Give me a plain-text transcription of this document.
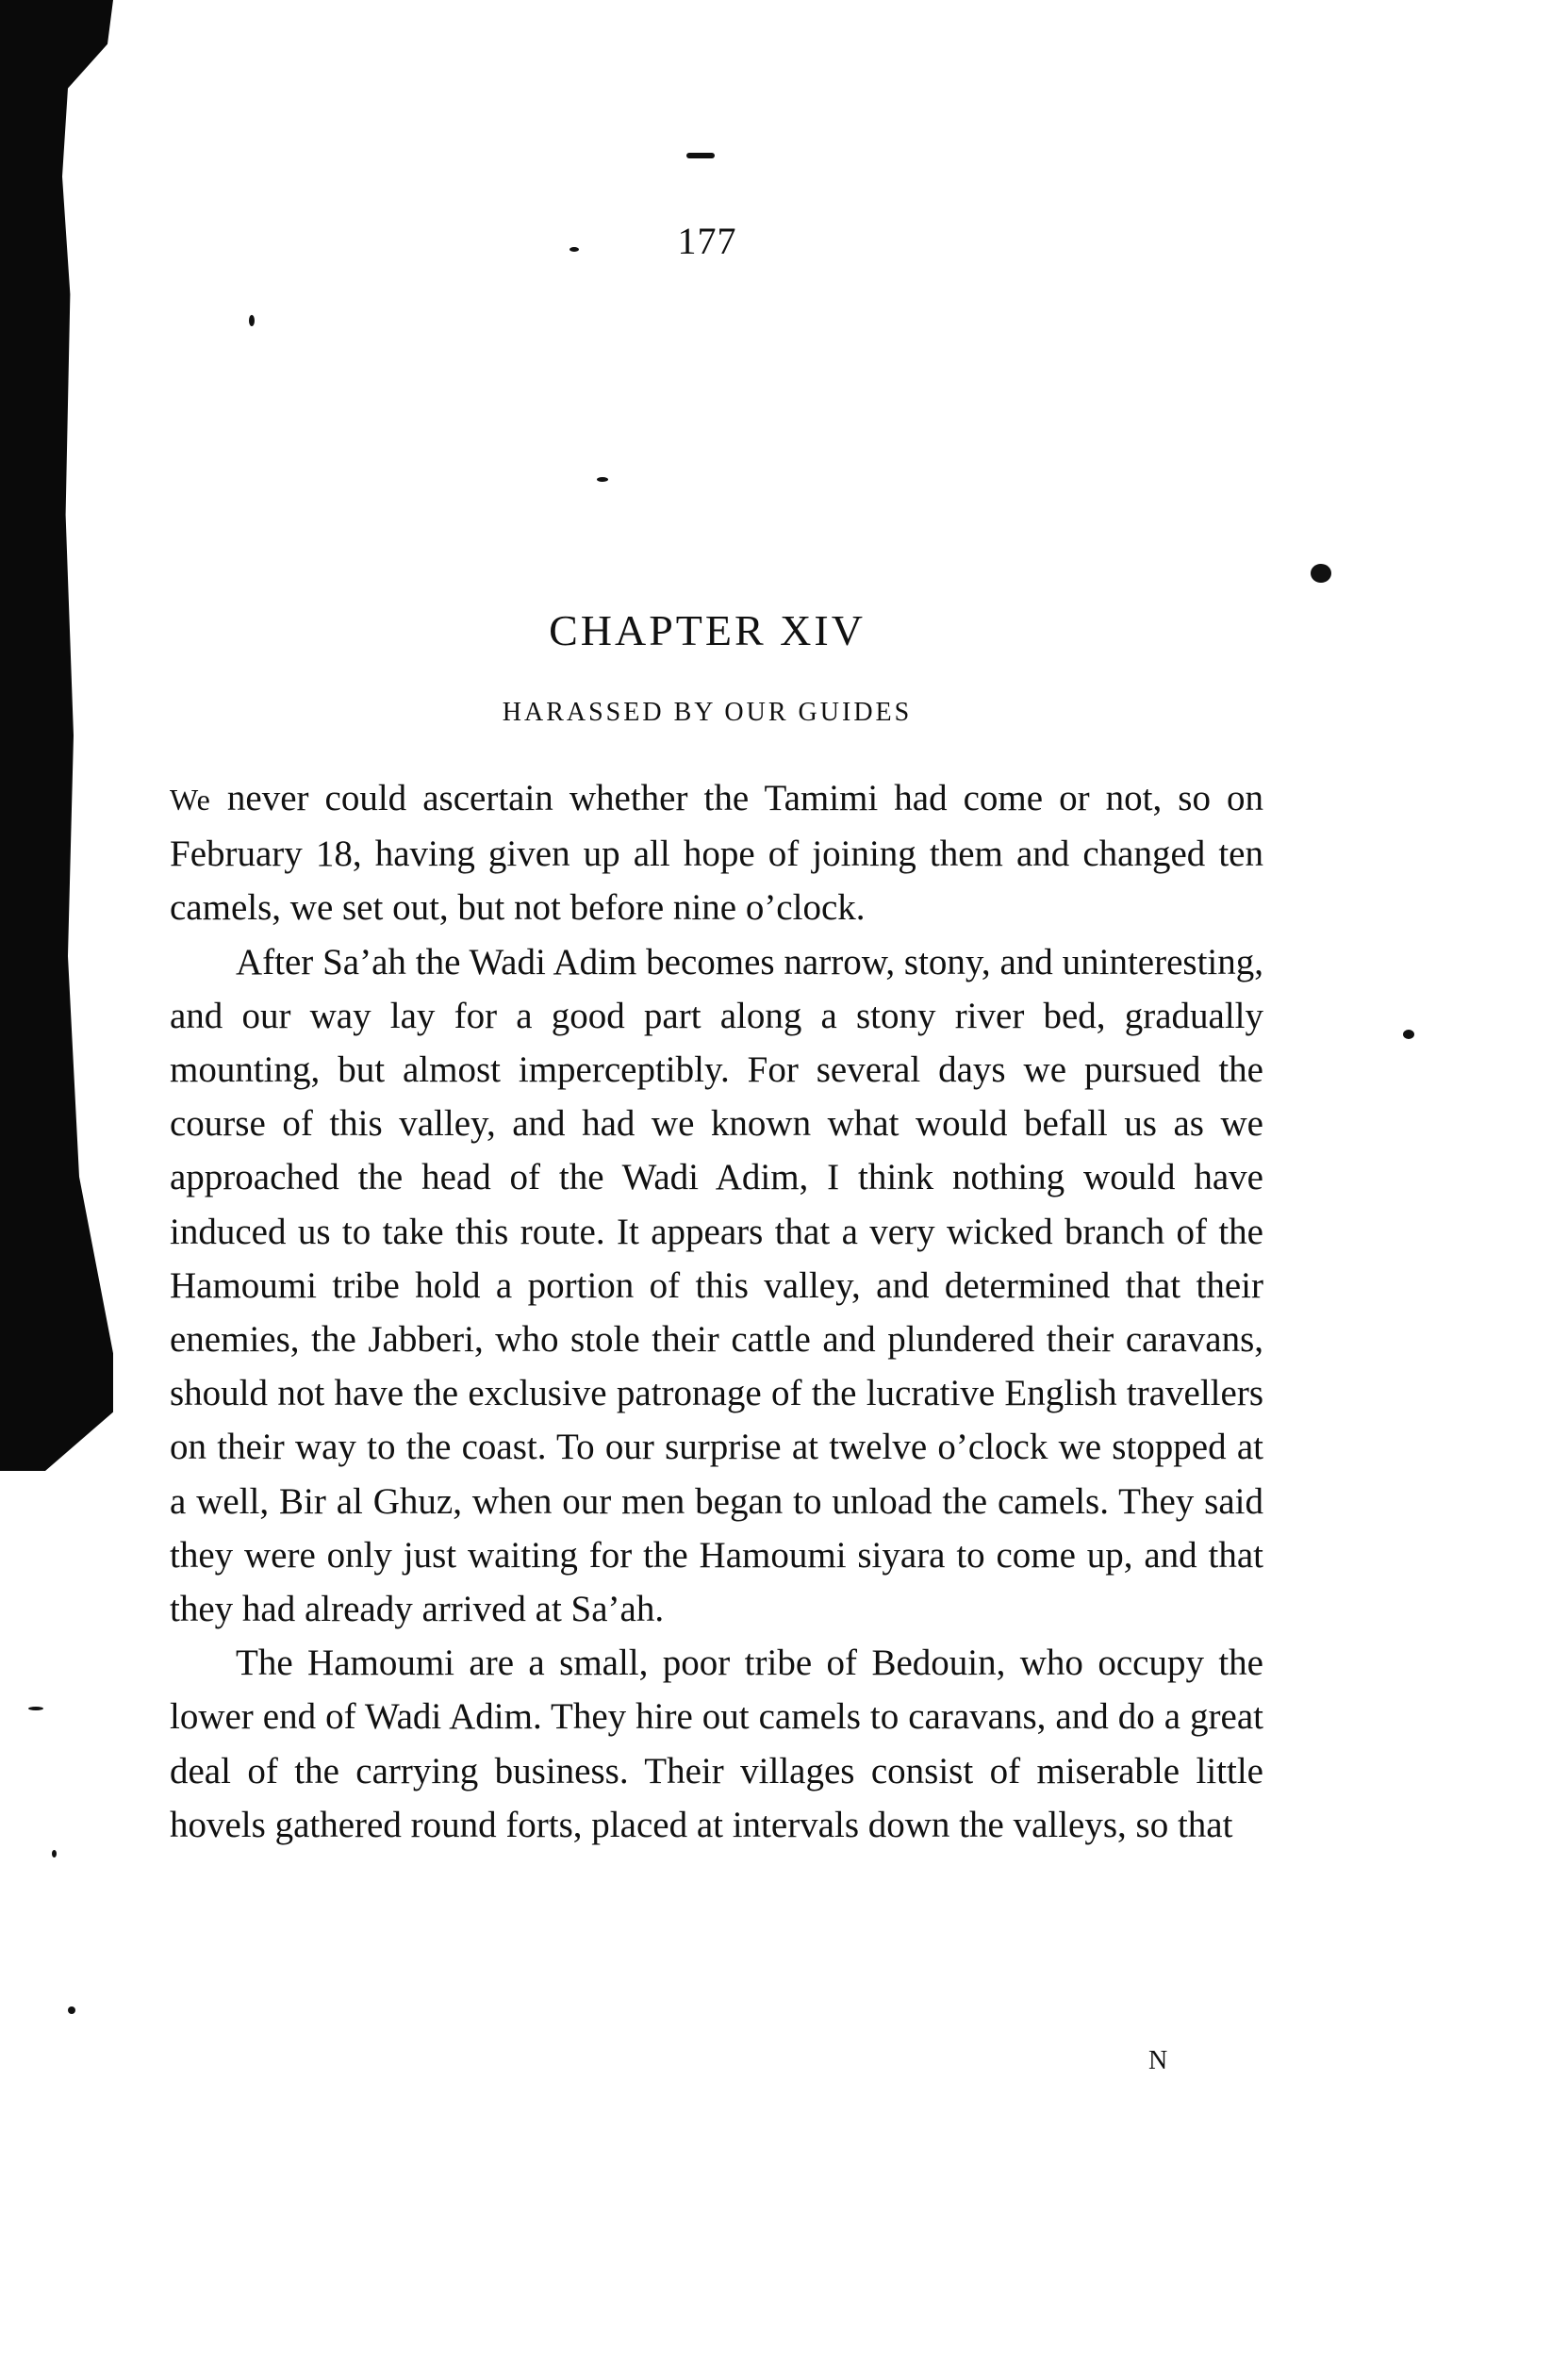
177
CHAPTER XIV
HARASSED BY OUR GUIDES

We never could ascertain whether the Tamimi had come or not, so on February 18, having given up all hope of joining them and changed ten camels, we set out, but not before nine o’clock.

After Sa’ah the Wadi Adim becomes narrow, stony, and uninteresting, and our way lay for a good part along a stony river bed, gradually mounting, but almost imperceptibly. For several days we pursued the course of this valley, and had we known what would befall us as we approached the head of the Wadi Adim, I think nothing would have induced us to take this route. It appears that a very wicked branch of the Hamoumi tribe hold a portion of this valley, and determined that their enemies, the Jabberi, who stole their cattle and plundered their caravans, should not have the exclusive patronage of the lucrative English travellers on their way to the coast. To our surprise at twelve o’clock we stopped at a well, Bir al Ghuz, when our men began to unload the camels. They said they were only just waiting for the Hamoumi siyara to come up, and that they had already arrived at Sa’ah.

The Hamoumi are a small, poor tribe of Bedouin, who occupy the lower end of Wadi Adim. They hire out camels to caravans, and do a great deal of the carrying business. Their villages consist of miserable little hovels gathered round forts, placed at intervals down the valleys, so that

N
